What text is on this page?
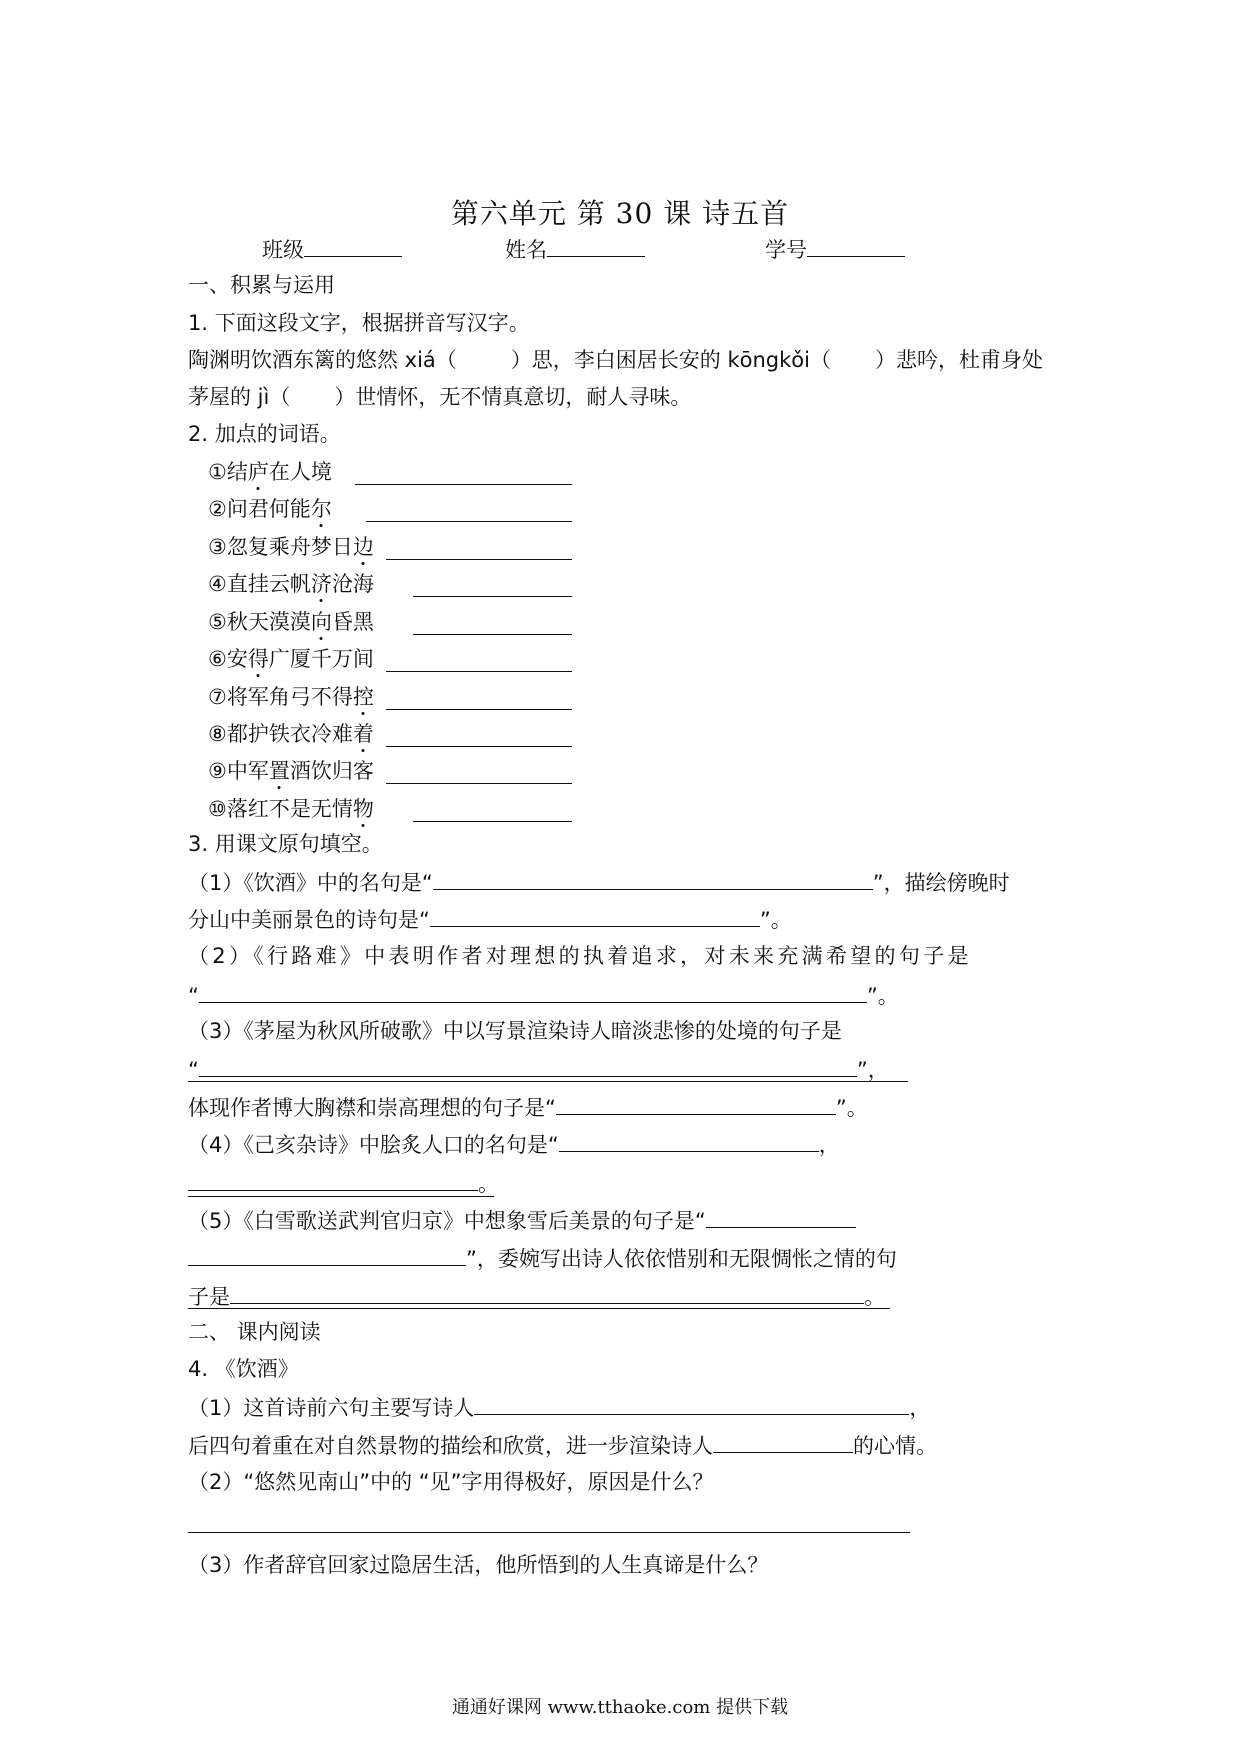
第六单元 第 30 课 诗五首
班级	姓名	学号
一、积累与运用
1. 下面这段文字，根据拼音写汉字。
陶渊明饮酒东篱的悠然 xiá（	）思，李白困居长安的 kōngkǒi（ ）悲吟，杜甫身处
茅屋的 jì（ ）世情怀，无不情真意切，耐人寻味。
2. 加点的词语。
①结庐在人境
②问君何能尔
③忽复乘舟梦日边
④直挂云帆济沧海
⑤秋天漠漠向昏黑
⑥安得广厦千万间
⑦将军角弓不得控
⑧都护铁衣冷难着
⑨中军置酒饮归客
⑩落红不是无情物
3. 用课文原句填空。
（1）《饮酒》中的名句是“	”，描绘傍晚时
分山中美丽景色的诗句是“	”。
（2）《行路难》中表明作者对理想的执着追求，对未来充满希望的句子是
“	”。
（3）《茅屋为秋风所破歌》中以写景渲染诗人暗淡悲惨的处境的句子是
“	”，
体现作者博大胸襟和崇高理想的句子是“	”。
（4）《己亥杂诗》中脍炙人口的名句是“	，
。
（5）《白雪歌送武判官归京》中想象雪后美景的句子是“
”，委婉写出诗人依依惜别和无限惆怅之情的句
子是	。
二、 课内阅读
4. 《饮酒》
（1）这首诗前六句主要写诗人	，
后四句着重在对自然景物的描绘和欣赏，进一步渲染诗人	的心情。
（2）“悠然见南山”中的 “见”字用得极好，原因是什么？
（3）作者辞官回家过隐居生活，他所悟到的人生真谛是什么？
通通好课网 www.tthaoke.com 提供下载
